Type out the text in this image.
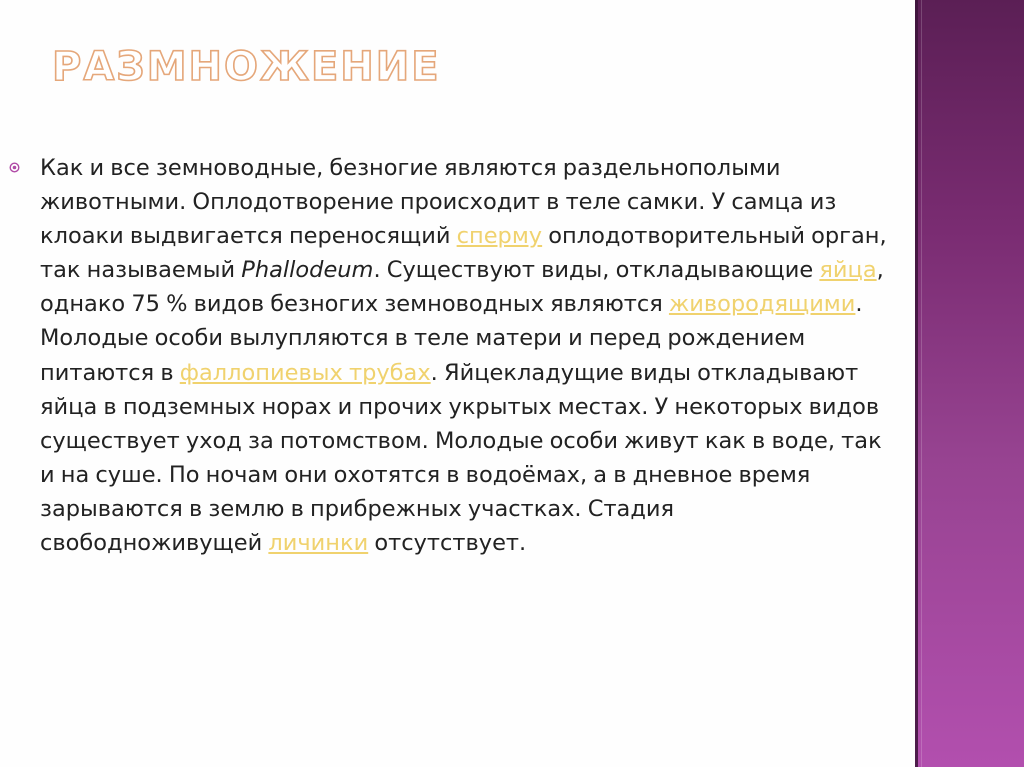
РАЗМНОЖЕНИЕ

Как и все земноводные, безногие являются раздельнополыми животными. Оплодотворение происходит в теле самки. У самца из клоаки выдвигается переносящий сперму оплодотворительный орган, так называемый Phallodeum. Существуют виды, откладывающие яйца, однако 75 % видов безногих земноводных являются живородящими. Молодые особи вылупляются в теле матери и перед рождением питаются в фаллопиевых трубах. Яйцекладущие виды откладывают яйца в подземных норах и прочих укрытых местах. У некоторых видов существует уход за потомством. Молодые особи живут как в воде, так и на суше. По ночам они охотятся в водоёмах, а в дневное время зарываются в землю в прибрежных участках. Стадия свободноживущей личинки отсутствует.
